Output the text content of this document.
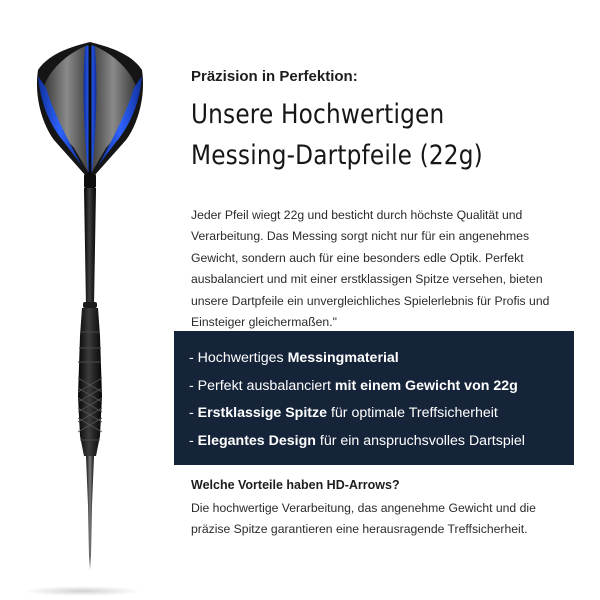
Präzision in Perfektion:
Unsere Hochwertigen
Messing-Dartpfeile (22g)

Jeder Pfeil wiegt 22g und besticht durch höchste Qualität und Verarbeitung. Das Messing sorgt nicht nur für ein angenehmes Gewicht, sondern auch für eine besonders edle Optik. Perfekt ausbalanciert und mit einer erstklassigen Spitze versehen, bieten unsere Dartpfeile ein unvergleichliches Spielerlebnis für Profis und Einsteiger gleichermaßen."

- Hochwertiges Messingmaterial
- Perfekt ausbalanciert mit einem Gewicht von 22g
- Erstklassige Spitze für optimale Treffsicherheit
- Elegantes Design für ein anspruchsvolles Dartspiel
Welche Vorteile haben HD-Arrows?

Die hochwertige Verarbeitung, das angenehme Gewicht und die präzise Spitze garantieren eine herausragende Treffsicherheit.
